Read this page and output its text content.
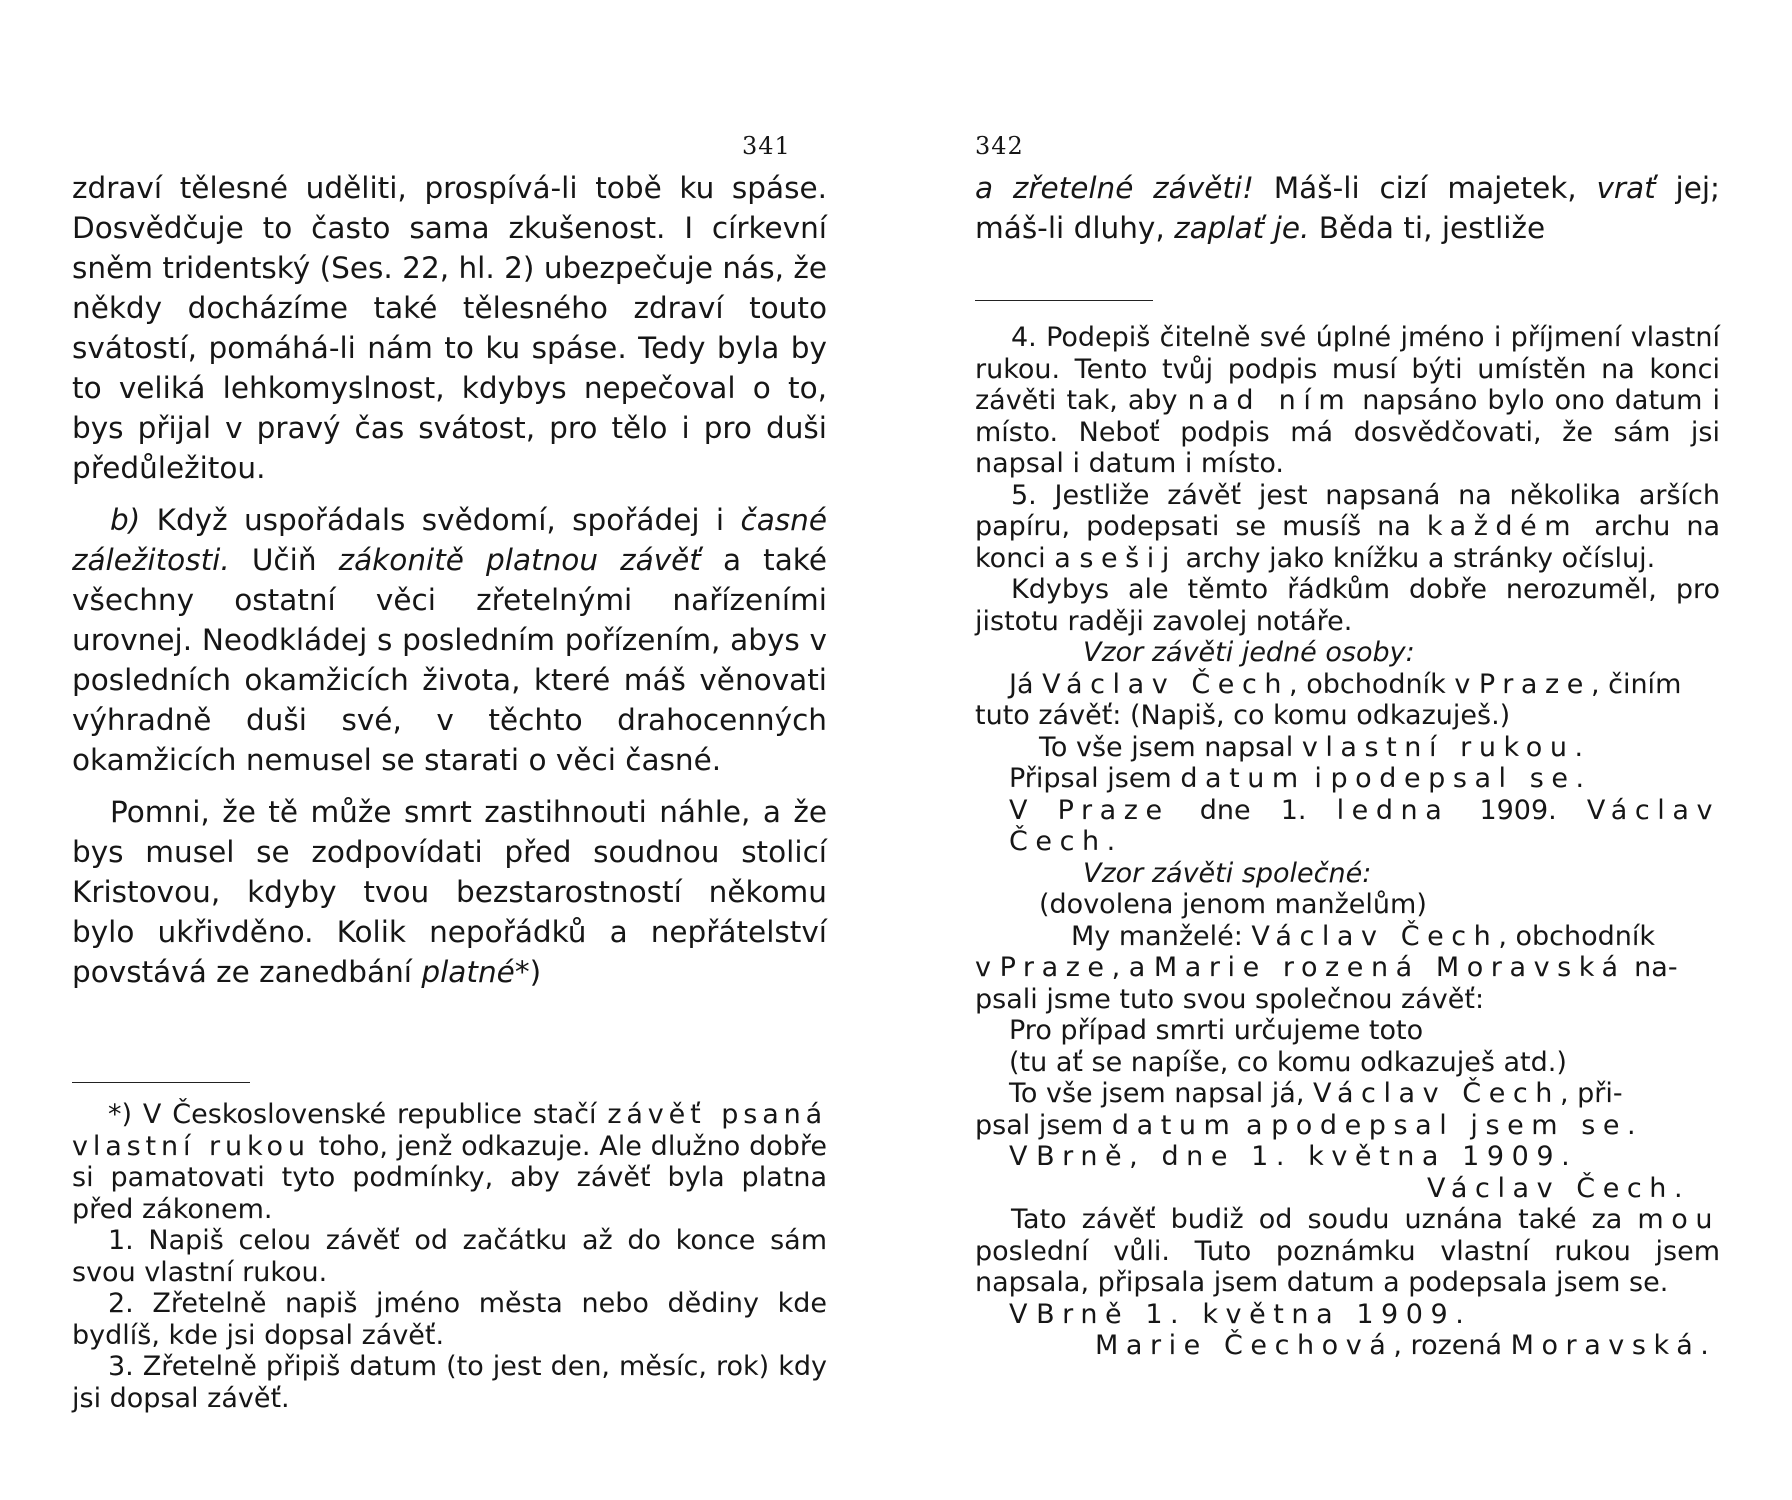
341

zdraví tělesné uděliti, prospívá-li tobě ku spáse. Dosvědčuje to často sama zkušenost. I církevní sněm tridentský (Ses. 22, hl. 2) ubezpečuje nás, že někdy docházíme také tělesného zdraví touto svátostí, pomáhá-li nám to ku spáse. Tedy byla by to veliká lehkomyslnost, kdybys nepečoval o to, bys přijal v pravý čas svátost, pro tělo i pro duši předůležitou.

b) Když uspořádals svědomí, spořádej i časné záležitosti. Učiň zákonitě platnou závěť a také všechny ostatní věci zřetelnými nařízeními urovnej. Neodkládej s posledním pořízením, abys v posledních okamžicích života, které máš věnovati výhradně duši své, v těchto drahocenných okamžicích nemusel se starati o věci časné.

Pomni, že tě může smrt zastihnouti náhle, a že bys musel se zodpovídati před soudnou stolicí Kristovou, kdyby tvou bezstarostností někomu bylo ukřivděno. Kolik nepořádků a nepřátelství povstává ze zanedbání platné*)

*) V Československé republice stačí závěť psaná vlastní rukou toho, jenž odkazuje. Ale dlužno dobře si pamatovati tyto podmínky, aby závěť byla platna před zákonem.

1. Napiš celou závěť od začátku až do konce sám svou vlastní rukou.

2. Zřetelně napiš jméno města nebo dědiny kde bydlíš, kde jsi dopsal závěť.

3. Zřetelně připiš datum (to jest den, měsíc, rok) kdy jsi dopsal závěť.

342

a zřetelné závěti! Máš-li cizí majetek, vrať jej; máš-li dluhy, zaplať je. Běda ti, jestliže

4. Podepiš čitelně své úplné jméno i příjmení vlastní rukou. Tento tvůj podpis musí býti umístěn na konci závěti tak, aby nad ním napsáno bylo ono datum i místo. Neboť podpis má dosvědčovati, že sám jsi napsal i datum i místo.

5. Jestliže závěť jest napsaná na několika arších papíru, podepsati se musíš na každém archu na konci a sešij archy jako knížku a stránky očísluj.

Kdybys ale těmto řádkům dobře nerozuměl, pro jistotu raději zavolej notáře.

Vzor závěti jedné osoby:

Já Václav Čech, obchodník v Praze, činím

tuto závěť: (Napiš, co komu odkazuješ.)

To vše jsem napsal vlastní rukou.

Připsal jsem datum i podepsal se.

V Praze dne 1. ledna 1909. Václav Čech.

Vzor závěti společné:

(dovolena jenom manželům)

My manželé: Václav Čech, obchodník

v Praze, a Marie rozená Moravská na-

psali jsme tuto svou společnou závěť:

Pro případ smrti určujeme toto

(tu ať se napíše, co komu odkazuješ atd.)

To vše jsem napsal já, Václav Čech, při-

psal jsem datum a podepsal jsem se.

V Brně, dne 1. května 1909.

Václav Čech.

Tato závěť budiž od soudu uznána také za mou poslední vůli. Tuto poznámku vlastní rukou jsem napsala, připsala jsem datum a podepsala jsem se.

V Brně 1. května 1909.

Marie Čechová, rozená Moravská.
